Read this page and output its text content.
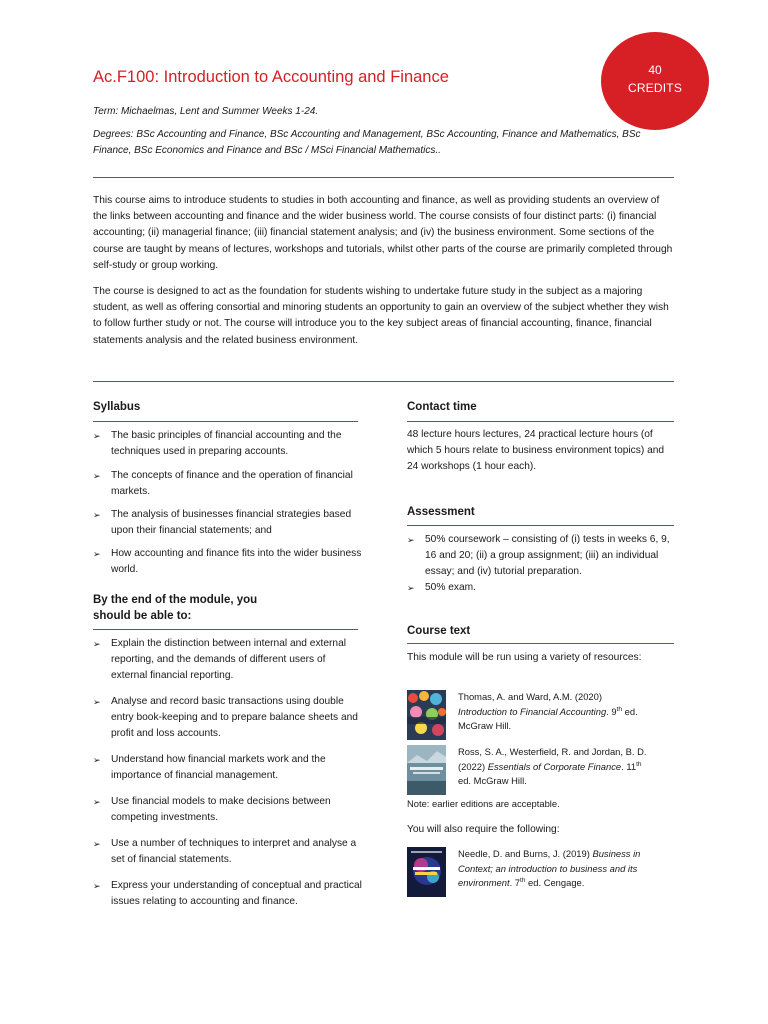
Ac.F100: Introduction to Accounting and Finance	40
CREDITS
Term: Michaelmas, Lent and Summer Weeks 1-24.
Degrees: BSc Accounting and Finance, BSc Accounting and Management, BSc Accounting, Finance and Mathematics, BSc Finance, BSc Economics and Finance and BSc / MSci Financial Mathematics..

This course aims to introduce students to studies in both accounting and finance, as well as providing students an overview of the links between accounting and finance and the wider business world. The course consists of four distinct parts: (i) financial accounting; (ii) managerial finance; (iii) financial statement analysis; and (iv) the business environment. Some sections of the course are taught by means of lectures, workshops and tutorials, whilst other parts of the course are primarily completed through self-study or group working.

The course is designed to act as the foundation for students wishing to undertake future study in the subject as a majoring student, as well as offering consortial and minoring students an opportunity to gain an overview of the subject whether they wish to follow further study or not. The course will introduce you to the key subject areas of financial accounting, finance, financial statements analysis and the related business environment.

Syllabus
➢ The basic principles of financial accounting and the techniques used in preparing accounts.
➢ The concepts of finance and the operation of financial markets.
➢ The analysis of businesses financial strategies based upon their financial statements; and
➢ How accounting and finance fits into the wider business world.
By the end of the module, you
should be able to:
➢ Explain the distinction between internal and external reporting, and the demands of different users of external financial reporting.
➢ Analyse and record basic transactions using double entry book-keeping and to prepare balance sheets and profit and loss accounts.
➢ Understand how financial markets work and the importance of financial management.
➢ Use financial models to make decisions between competing investments.
➢ Use a number of techniques to interpret and analyse a set of financial statements.
➢ Express your understanding of conceptual and practical issues relating to accounting and finance.
Contact time
48 lecture hours lectures, 24 practical lecture hours (of which 5 hours relate to business environment topics) and 24 workshops (1 hour each).
Assessment
➢ 50% coursework – consisting of (i) tests in weeks 6, 9, 16 and 20; (ii) a group assignment; (iii) an individual essay; and (iv) tutorial preparation.
➢ 50% exam.
Course text
This module will be run using a variety of resources:
Thomas, A. and Ward, A.M. (2020)
Introduction to Financial Accounting. 9th ed.
McGraw Hill.
Ross, S. A., Westerfield, R. and Jordan, B. D.
(2022) Essentials of Corporate Finance. 11th
ed. McGraw Hill.
Note: earlier editions are acceptable.
You will also require the following:
Needle, D. and Burns, J. (2019) Business in
Context; an introduction to business and its
environment. 7th ed. Cengage.
